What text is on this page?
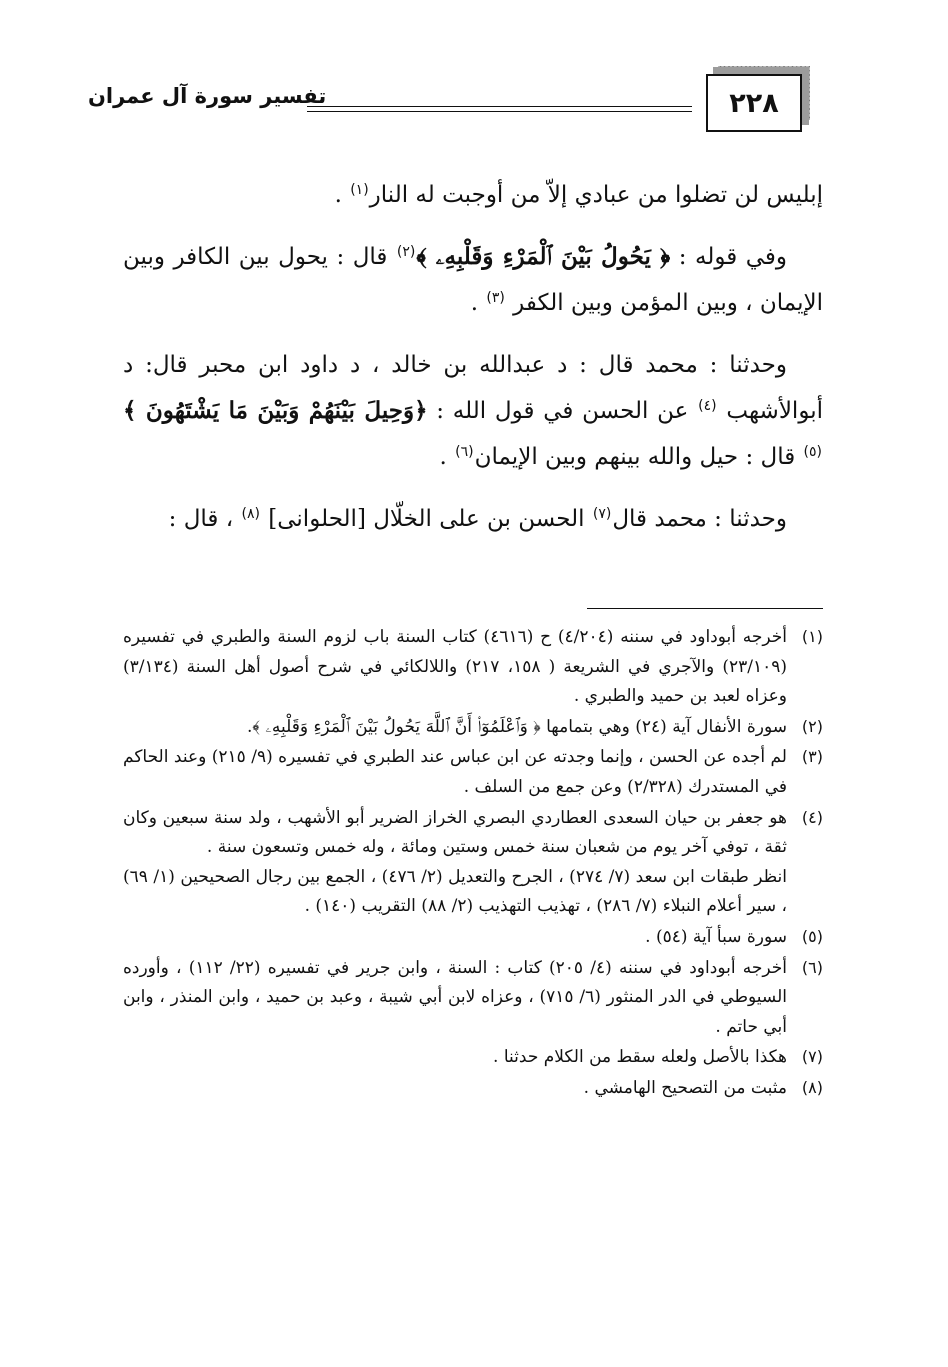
٢٢٨
تفسير سورة آل عمران

إبليس لن تضلوا من عبادي إلاّ من أوجبت له النار$^{(١)}$ .

وفي قوله : ﴿ يَحُولُ بَيْنَ ٱلْمَرْءِ وَقَلْبِهِۦ ﴾$^{(٢)}$ قال : يحول بين الكافر وبين الإيمان ، وبين المؤمن وبين الكفر $^{(٣)}$ .

وحدثنا : محمد قال : د عبدالله بن خالد ، د داود ابن محبر قال: د أبوالأشهب $^{(٤)}$ عن الحسن في قول الله : ﴿وَحِيلَ بَيْنَهُمْ وَبَيْنَ مَا يَشْتَهُونَ ﴾$^{(٥)}$ قال : حيل والله بينهم وبين الإيمان$^{(٦)}$ .

وحدثنا : محمد قال$^{(٧)}$ الحسن بن على الخلّال [الحلوانى] $^{(٨)}$ ، قال :

(١)أخرجه أبوداود في سننه (٤/٢٠٤) ح (٤٦١٦) كتاب السنة باب لزوم السنة والطبري في تفسيره (٢٣/١٠٩) والآجري في الشريعة ( ١٥٨، ٢١٧) واللالكائي في شرح أصول أهل السنة (٣/١٣٤) وعزاه لعبد بن حميد والطبري .

(٢)سورة الأنفال آية (٢٤) وهي بتمامها ﴿ وَٱعْلَمُوٓا۟ أَنَّ ٱللَّهَ يَحُولُ بَيْنَ ٱلْمَرْءِ وَقَلْبِهِۦ ﴾.

(٣)لم أجده عن الحسن ، وإنما وجدته عن ابن عباس عند الطبري في تفسيره (٩/ ٢١٥) وعند الحاكم في المستدرك (٢/٣٢٨) وعن جمع من السلف .

(٤)هو جعفر بن حيان السعدى العطاردي البصري الخراز الضرير أبو الأشهب ، ولد سنة سبعين وكان ثقة ، توفي آخر يوم من شعبان سنة خمس وستين ومائة ، وله خمس وتسعون سنة .

انظر طبقات ابن سعد (٧/ ٢٧٤) ، الجرح والتعديل (٢/ ٤٧٦) ، الجمع بين رجال الصحيحين (١/ ٦٩) ، سير أعلام النبلاء (٧/ ٢٨٦) ، تهذيب التهذيب (٢/ ٨٨) التقريب (١٤٠) .

(٥)سورة سبأ آية (٥٤) .

(٦)أخرجه أبوداود في سننه (٤/ ٢٠٥) كتاب : السنة ، وابن جرير في تفسيره (٢٢/ ١١٢) ، وأورده السيوطي في الدر المنثور (٦/ ٧١٥) ، وعزاه لابن أبي شيبة ، وعبد بن حميد ، وابن المنذر ، وابن أبي حاتم .

(٧)هكذا بالأصل ولعله سقط من الكلام حدثنا .

(٨)مثبت من التصحيح الهامشي .
